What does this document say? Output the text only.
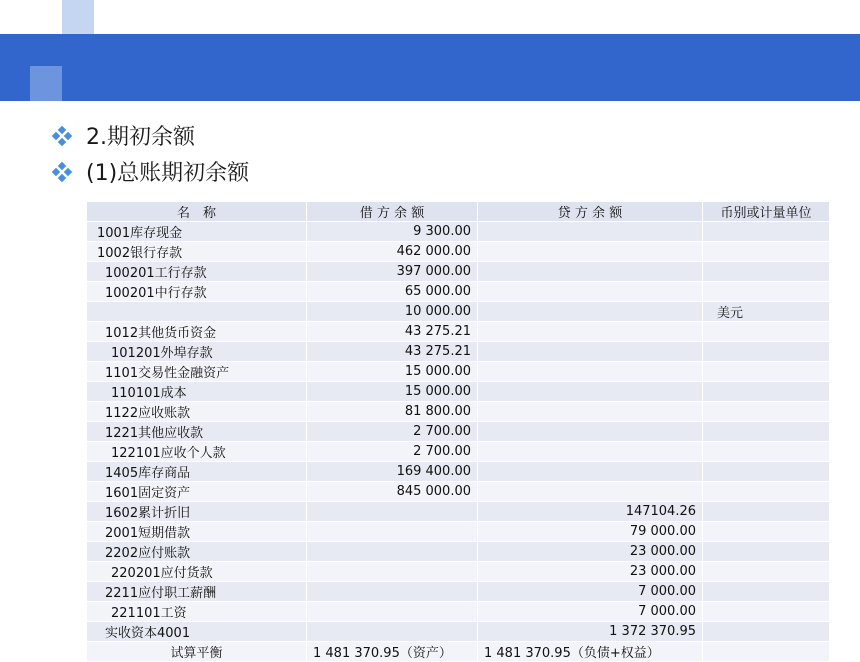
2.期初余额
(1)总账期初余额
名　称	借 方 余 额	贷 方 余 额	币别或计量单位
1001库存现金	9 300.00		
1002银行存款	462 000.00		
100201工行存款	397 000.00		
100201中行存款	65 000.00		
	10 000.00		美元
1012其他货币资金	43 275.21		
101201外埠存款	43 275.21		
1101交易性金融资产	15 000.00		
110101成本	15 000.00		
1122应收账款	81 800.00		
1221其他应收款	2 700.00		
122101应收个人款	2 700.00		
1405库存商品	169 400.00		
1601固定资产	845 000.00		
1602累计折旧		147104.26	
2001短期借款		79 000.00	
2202应付账款		23 000.00	
220201应付货款		23 000.00	
2211应付职工薪酬		7 000.00	
221101工资		7 000.00	
实收资本4001		1 372 370.95	
试算平衡	1 481 370.95（资产）	1 481 370.95（负债+权益）	
